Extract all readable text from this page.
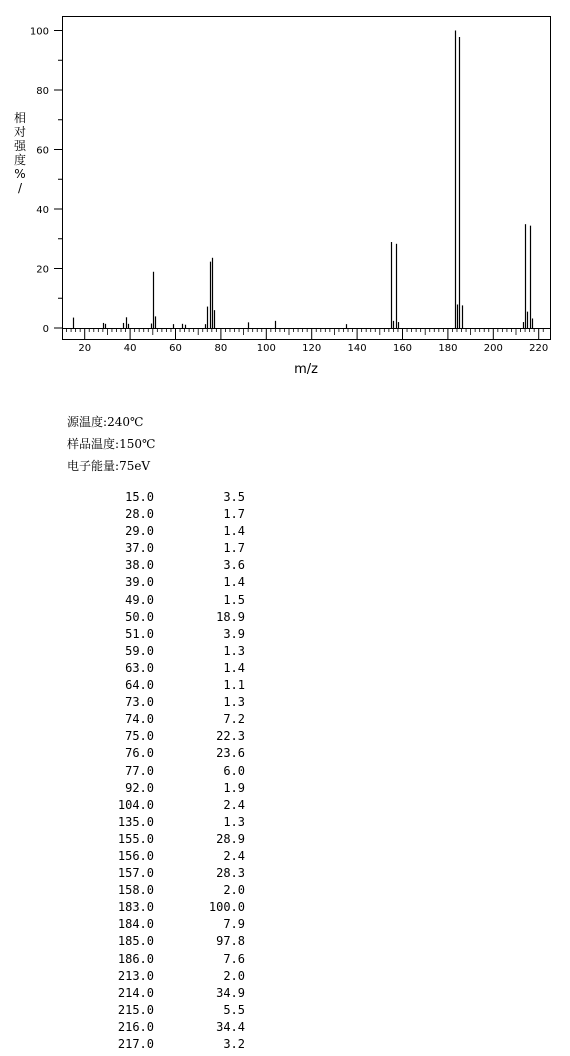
相
对
强
度
%
/
0
20
40
60
80
100
20	40	60	80	100	120	140	160	180	200	220
m/z
源温度:240℃
样品温度:150℃
电子能量:75eV
15.0	3.5
28.0	1.7
29.0	1.4
37.0	1.7
38.0	3.6
39.0	1.4
49.0	1.5
50.0	18.9
51.0	3.9
59.0	1.3
63.0	1.4
64.0	1.1
73.0	1.3
74.0	7.2
75.0	22.3
76.0	23.6
77.0	6.0
92.0	1.9
104.0	2.4
135.0	1.3
155.0	28.9
156.0	2.4
157.0	28.3
158.0	2.0
183.0	100.0
184.0	7.9
185.0	97.8
186.0	7.6
213.0	2.0
214.0	34.9
215.0	5.5
216.0	34.4
217.0	3.2
